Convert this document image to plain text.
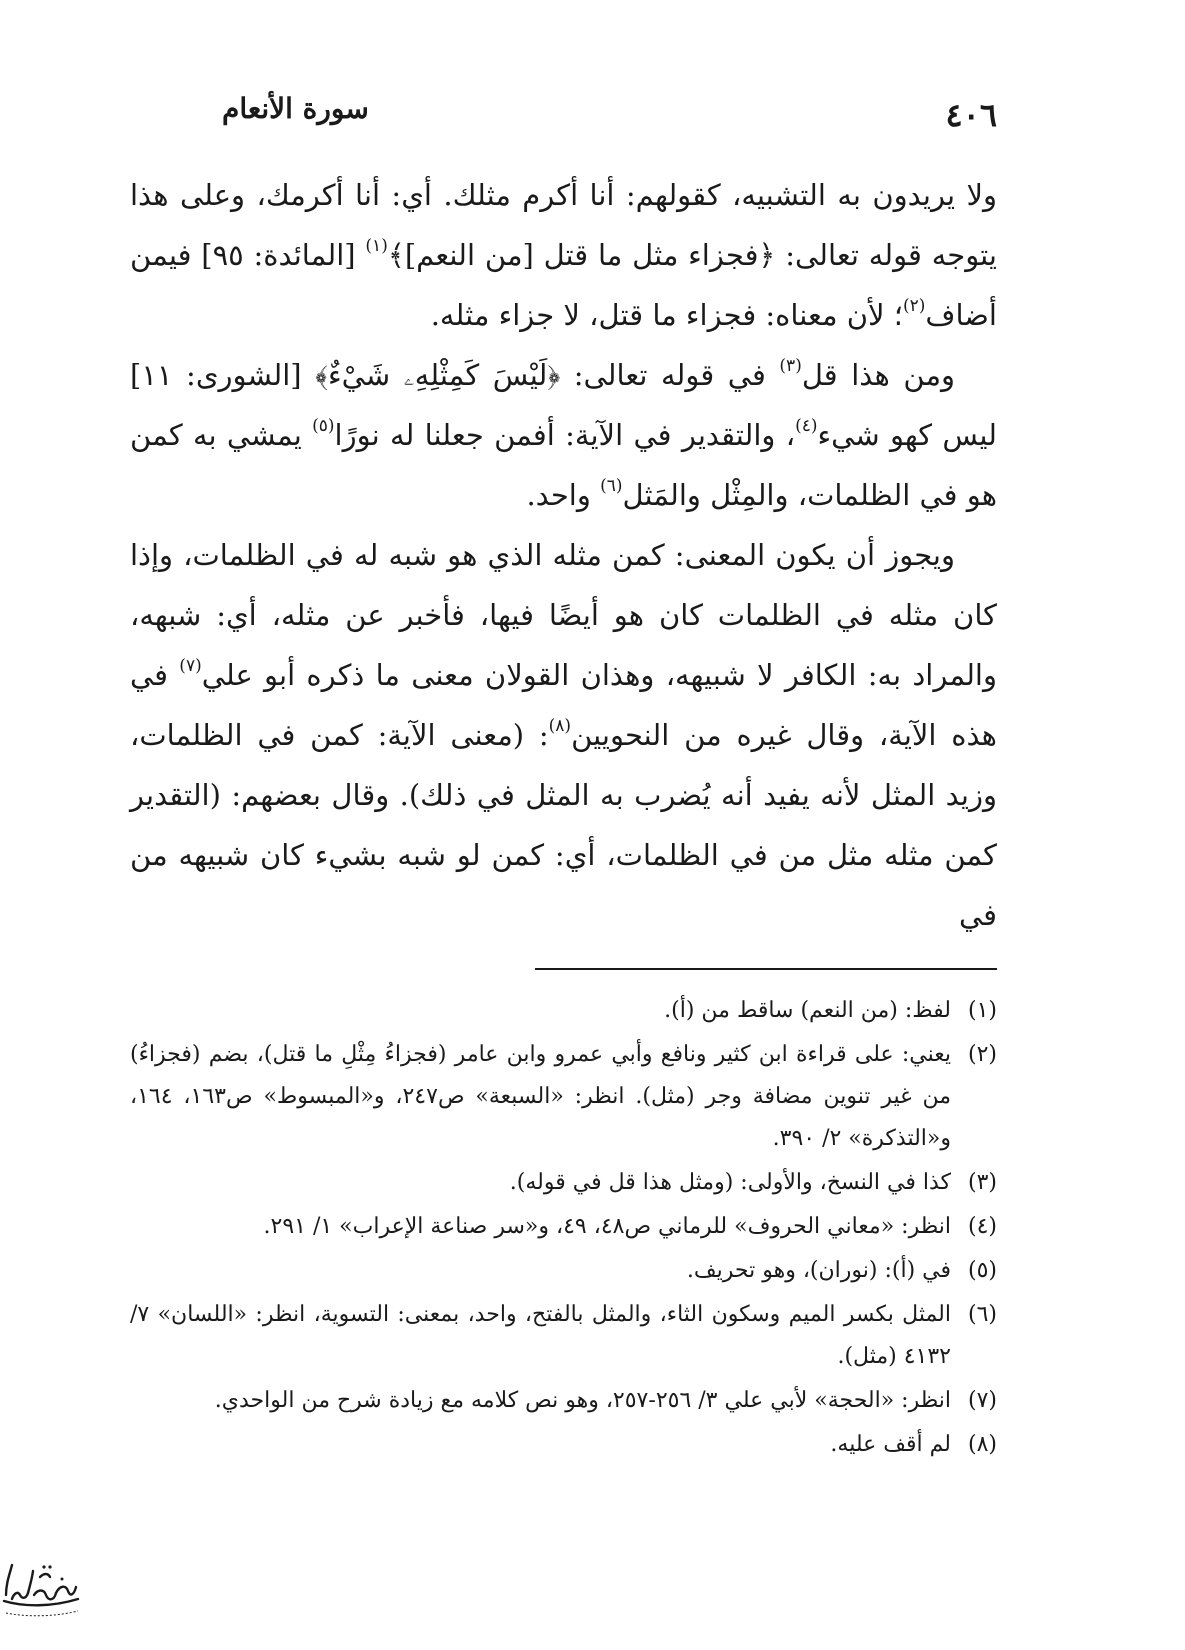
٤٠٦
سورة الأنعام

ولا يريدون به التشبيه، كقولهم: أنا أكرم مثلك. أي: أنا أكرمك، وعلى هذا يتوجه قوله تعالى: ﴿فجزاء مثل ما قتل [من النعم]﴾$^{(١)}$ [المائدة: ٩٥] فيمن أضاف$^{(٢)}$؛ لأن معناه: فجزاء ما قتل، لا جزاء مثله.

ومن هذا قل$^{(٣)}$ في قوله تعالى: ﴿لَيْسَ كَمِثْلِهِۦ شَيْءٌ﴾ [الشورى: ١١] ليس كهو شيء$^{(٤)}$، والتقدير في الآية: أفمن جعلنا له نورًا$^{(٥)}$ يمشي به كمن هو في الظلمات، والمِثْل والمَثل$^{(٦)}$ واحد.

ويجوز أن يكون المعنى: كمن مثله الذي هو شبه له في الظلمات، وإذا كان مثله في الظلمات كان هو أيضًا فيها، فأخبر عن مثله، أي: شبهه، والمراد به: الكافر لا شبيهه، وهذان القولان معنى ما ذكره أبو علي$^{(٧)}$ في هذه الآية، وقال غيره من النحويين$^{(٨)}$: (معنى الآية: كمن في الظلمات، وزيد المثل لأنه يفيد أنه يُضرب به المثل في ذلك). وقال بعضهم: (التقدير كمن مثله مثل من في الظلمات، أي: كمن لو شبه بشيء كان شبيهه من في

(١)
لفظ: (من النعم) ساقط من (أ).
(٢)
يعني: على قراءة ابن كثير ونافع وأبي عمرو وابن عامر (فجزاءُ مِثْلِ ما قتل)، بضم (فجزاءُ) من غير تنوين مضافة وجر (مثل). انظر: «السبعة» ص٢٤٧، و«المبسوط» ص١٦٣، ١٦٤، و«التذكرة» ٢/ ٣٩٠.
(٣)
كذا في النسخ، والأولى: (ومثل هذا قل في قوله).
(٤)
انظر: «معاني الحروف» للرماني ص٤٨، ٤٩، و«سر صناعة الإعراب» ١/ ٢٩١.
(٥)
في (أ): (نوران)، وهو تحريف.
(٦)
المثل بكسر الميم وسكون الثاء، والمثل بالفتح، واحد، بمعنى: التسوية، انظر: «اللسان» ٧/ ٤١٣٢ (مثل).
(٧)
انظر: «الحجة» لأبي علي ٣/ ٢٥٦-٢٥٧، وهو نص كلامه مع زيادة شرح من الواحدي.
(٨)
لم أقف عليه.
